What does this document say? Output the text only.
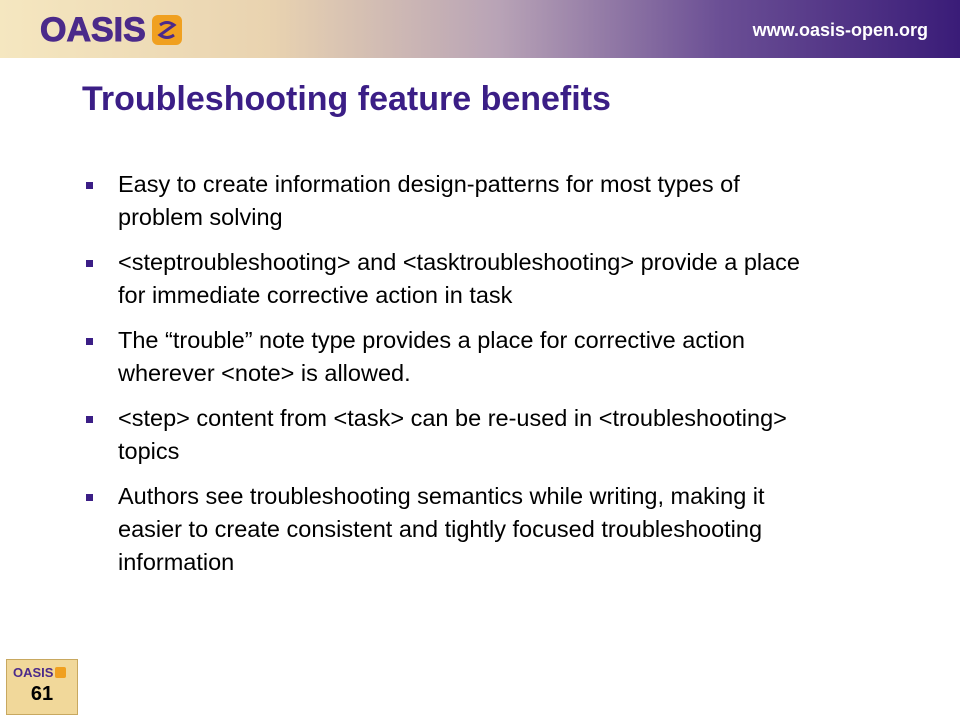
OASIS	www.oasis-open.org
Troubleshooting feature benefits
Easy to create information design-patterns for most types of problem solving
<steptroubleshooting> and <tasktroubleshooting> provide a place for immediate corrective action in task
The “trouble” note type provides a place for corrective action wherever <note> is allowed.
<step> content from <task> can be re-used in <troubleshooting> topics
Authors see troubleshooting semantics while writing, making it easier to create consistent and tightly focused troubleshooting information
OASIS
61
